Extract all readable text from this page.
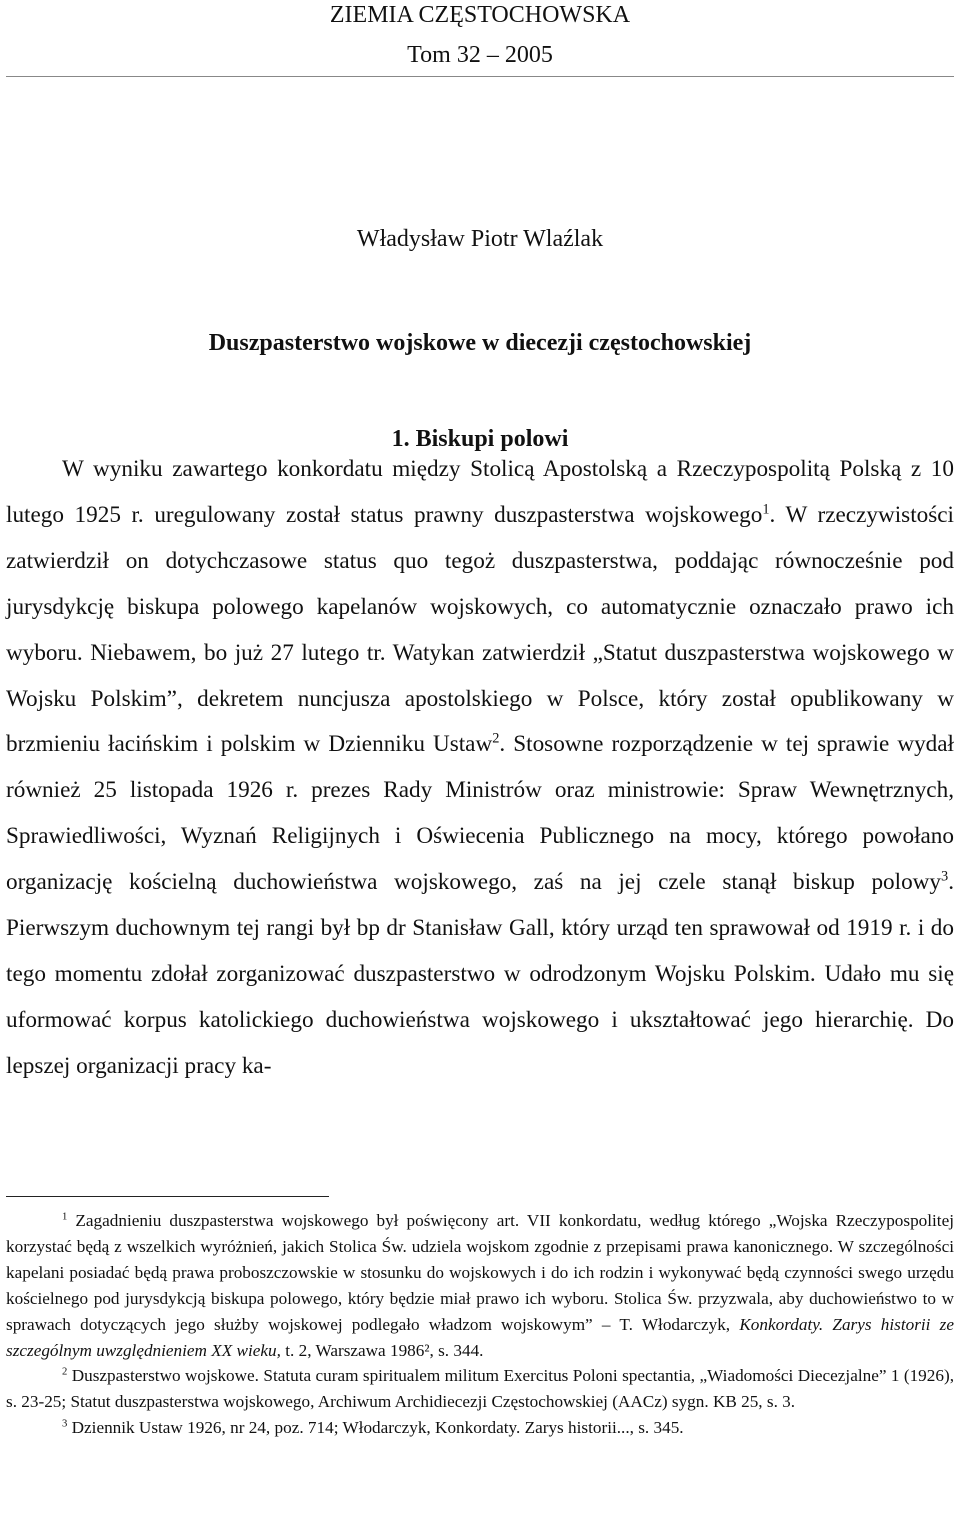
ZIEMIA CZĘSTOCHOWSKA
Tom 32 – 2005
Władysław Piotr Wlaźlak
Duszpasterstwo wojskowe w diecezji częstochowskiej
1. Biskupi polowi
W wyniku zawartego konkordatu między Stolicą Apostolską a Rzeczypospolitą Polską z 10 lutego 1925 r. uregulowany został status prawny duszpasterstwa wojskowego$^1$. W rzeczywistości zatwierdził on dotychczasowe status quo tegoż duszpasterstwa, poddając równocześnie pod jurysdykcję biskupa polowego kapelanów wojskowych, co automatycznie oznaczało prawo ich wyboru. Niebawem, bo już 27 lutego tr. Watykan zatwierdził „Statut duszpasterstwa wojskowego w Wojsku Polskim”, dekretem nuncjusza apostolskiego w Polsce, który został opublikowany w brzmieniu łacińskim i polskim w Dzienniku Ustaw$^2$. Stosowne rozporządzenie w tej sprawie wydał również 25 listopada 1926 r. prezes Rady Ministrów oraz ministrowie: Spraw Wewnętrznych, Sprawiedliwości, Wyznań Religijnych i Oświecenia Publicznego na mocy, którego powołano organizację kościelną duchowieństwa wojskowego, zaś na jej czele stanął biskup polowy$^3$. Pierwszym duchownym tej rangi był bp dr Stanisław Gall, który urząd ten sprawował od 1919 r. i do tego momentu zdołał zorganizować duszpasterstwo w odrodzonym Wojsku Polskim. Udało mu się uformować korpus katolickiego duchowieństwa wojskowego i ukształtować jego hierarchię. Do lepszej organizacji pracy ka-
$^1$ Zagadnieniu duszpasterstwa wojskowego był poświęcony art. VII konkordatu, według którego „Wojska Rzeczypospolitej korzystać będą z wszelkich wyróżnień, jakich Stolica Św. udziela wojskom zgodnie z przepisami prawa kanonicznego. W szczególności kapelani posiadać będą prawa proboszczowskie w stosunku do wojskowych i do ich rodzin i wykonywać będą czynności swego urzędu kościelnego pod jurysdykcją biskupa polowego, który będzie miał prawo ich wyboru. Stolica Św. przyzwala, aby duchowieństwo to w sprawach dotyczących jego służby wojskowej podlegało władzom wojskowym” – T. Włodarczyk, Konkordaty. Zarys historii ze szczególnym uwzględnieniem XX wieku, t. 2, Warszawa 1986², s. 344.
$^2$ Duszpasterstwo wojskowe. Statuta curam spiritualem militum Exercitus Poloni spectantia, „Wiadomości Diecezjalne” 1 (1926), s. 23-25; Statut duszpasterstwa wojskowego, Archiwum Archidiecezji Częstochowskiej (AACz) sygn. KB 25, s. 3.
$^3$ Dziennik Ustaw 1926, nr 24, poz. 714; Włodarczyk, Konkordaty. Zarys historii..., s. 345.
